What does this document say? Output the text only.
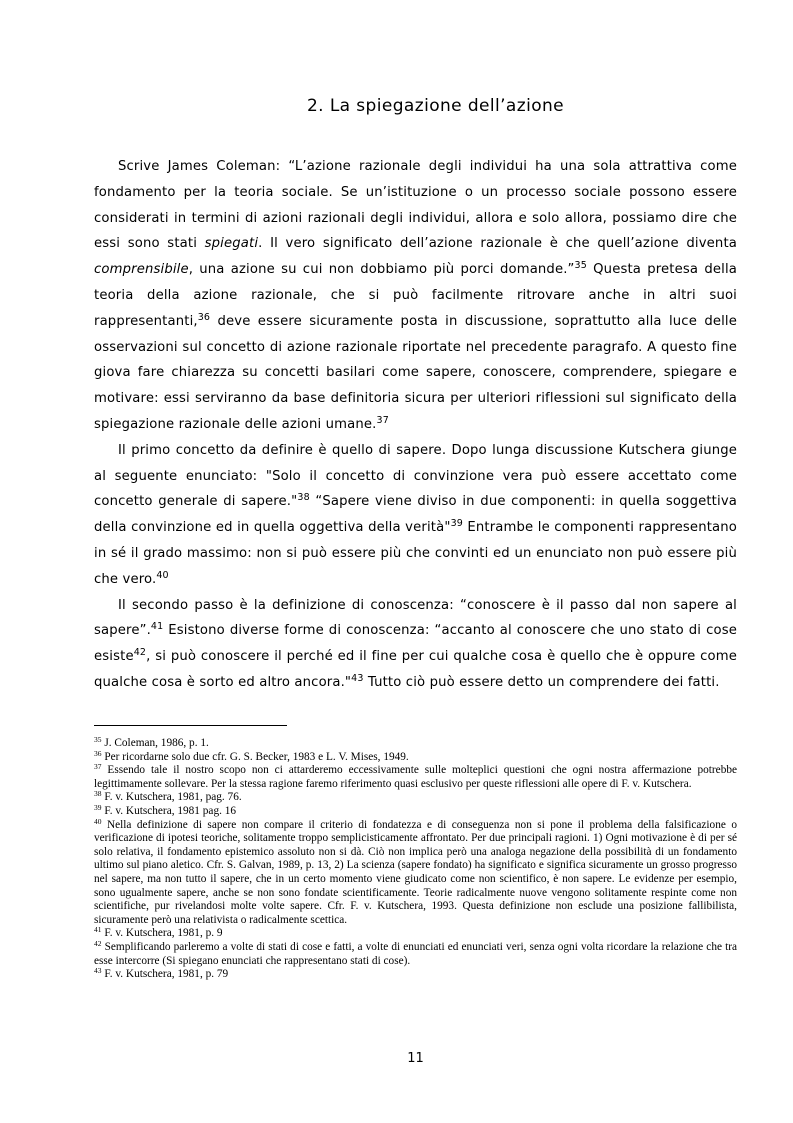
2. La spiegazione dell’azione

Scrive James Coleman: “L’azione razionale degli individui ha una sola attrattiva come fondamento per la teoria sociale. Se un’istituzione o un processo sociale possono essere considerati in termini di azioni razionali degli individui, allora e solo allora, possiamo dire che essi sono stati spiegati. Il vero significato dell’azione razionale è che quell’azione diventa comprensibile, una azione su cui non dobbiamo più porci domande.”$^{35}$ Questa pretesa della teoria della azione razionale, che si può facilmente ritrovare anche in altri suoi rappresentanti,$^{36}$ deve essere sicuramente posta in discussione, soprattutto alla luce delle osservazioni sul concetto di azione razionale riportate nel precedente paragrafo. A questo fine giova fare chiarezza su concetti basilari come sapere, conoscere, comprendere, spiegare e motivare: essi serviranno da base definitoria sicura per ulteriori riflessioni sul significato della spiegazione razionale delle azioni umane.$^{37}$

Il primo concetto da definire è quello di sapere. Dopo lunga discussione Kutschera giunge al seguente enunciato: "Solo il concetto di convinzione vera può essere accettato come concetto generale di sapere."$^{38}$ “Sapere viene diviso in due componenti: in quella soggettiva della convinzione ed in quella oggettiva della verità"$^{39}$ Entrambe le componenti rappresentano in sé il grado massimo: non si può essere più che convinti ed un enunciato non può essere più che vero.$^{40}$

Il secondo passo è la definizione di conoscenza: “conoscere è il passo dal non sapere al sapere”.$^{41}$ Esistono diverse forme di conoscenza: “accanto al conoscere che uno stato di cose esiste$^{42}$, si può conoscere il perché ed il fine per cui qualche cosa è quello che è oppure come qualche cosa è sorto ed altro ancora."$^{43}$ Tutto ciò può essere detto un comprendere dei fatti.

$^{35}$ J. Coleman, 1986, p. 1.

$^{36}$ Per ricordarne solo due cfr. G. S. Becker, 1983 e L. V. Mises, 1949.

$^{37}$ Essendo tale il nostro scopo non ci attarderemo eccessivamente sulle molteplici questioni che ogni nostra affermazione potrebbe legittimamente sollevare. Per la stessa ragione faremo riferimento quasi esclusivo per queste riflessioni alle opere di F. v. Kutschera.

$^{38}$ F. v. Kutschera, 1981, pag. 76.

$^{39}$ F. v. Kutschera, 1981 pag. 16

$^{40}$ Nella definizione di sapere non compare il criterio di fondatezza e di conseguenza non si pone il problema della falsificazione o verificazione di ipotesi teoriche, solitamente troppo semplicisticamente affrontato. Per due principali ragioni. 1) Ogni motivazione è di per sé solo relativa, il fondamento epistemico assoluto non si dà. Ciò non implica però una analoga negazione della possibilità di un fondamento ultimo sul piano aletico. Cfr. S. Galvan, 1989, p. 13, 2) La scienza (sapere fondato) ha significato e significa sicuramente un grosso progresso nel sapere, ma non tutto il sapere, che in un certo momento viene giudicato come non scientifico, è non sapere. Le evidenze per esempio, sono ugualmente sapere, anche se non sono fondate scientificamente. Teorie radicalmente nuove vengono solitamente respinte come non scientifiche, pur rivelandosi molte volte sapere. Cfr. F. v. Kutschera, 1993. Questa definizione non esclude una posizione fallibilista, sicuramente però una relativista o radicalmente scettica.

$^{41}$ F. v. Kutschera, 1981, p. 9

$^{42}$ Semplificando parleremo a volte di stati di cose e fatti, a volte di enunciati ed enunciati veri, senza ogni volta ricordare la relazione che tra esse intercorre (Si spiegano enunciati che rappresentano stati di cose).

$^{43}$ F. v. Kutschera, 1981, p. 79

11
